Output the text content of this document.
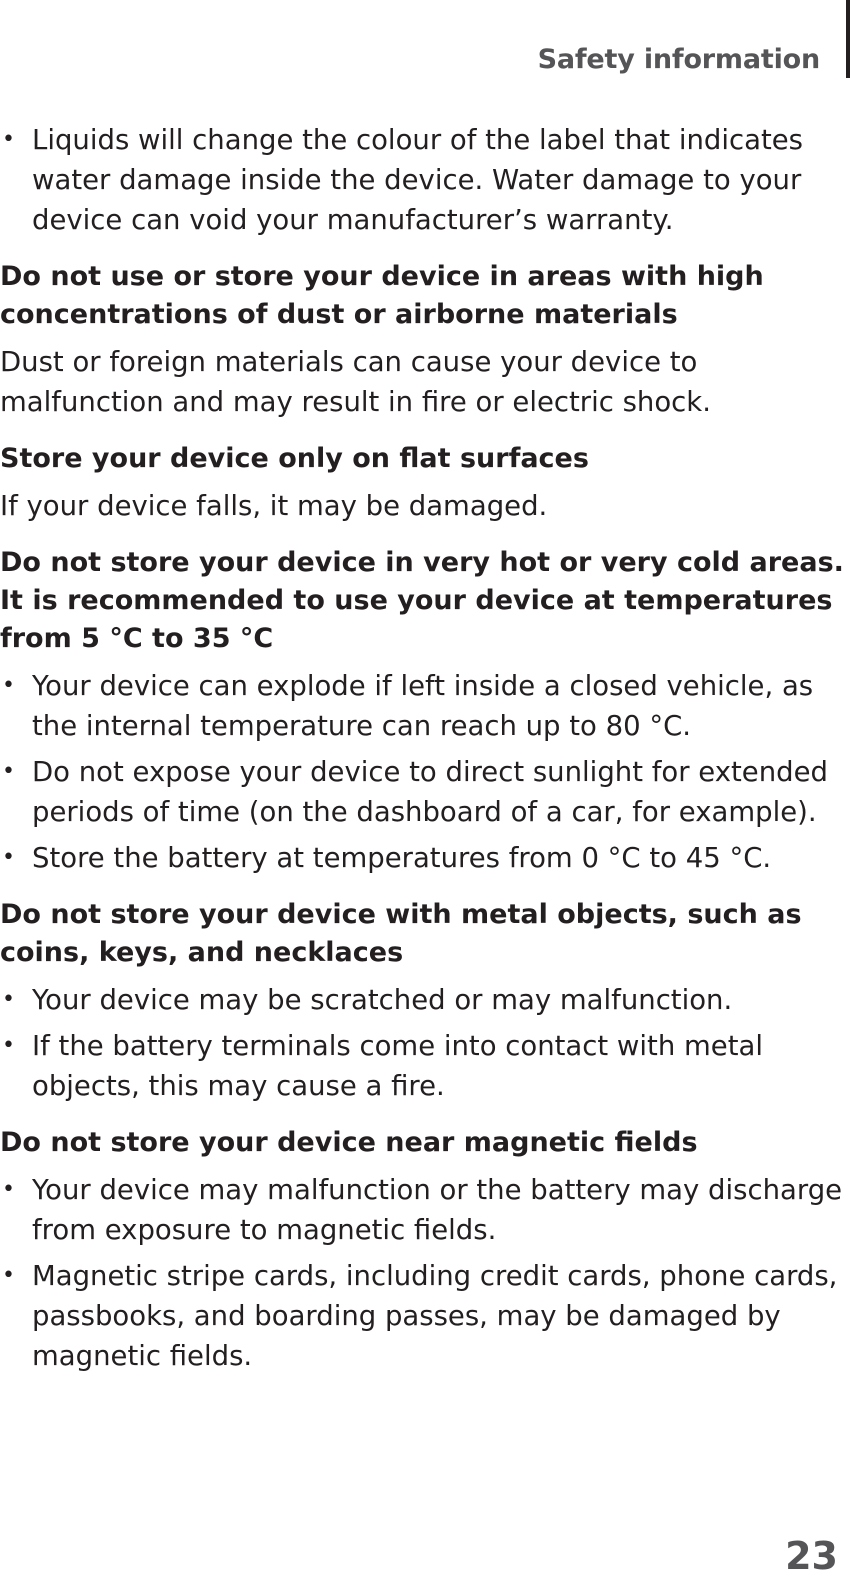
Safety information
• Liquids will change the colour of the label that indicates water damage inside the device. Water damage to your device can void your manufacturer’s warranty.
Do not use or store your device in areas with high concentrations of dust or airborne materials

Dust or foreign materials can cause your device to malfunction and may result in fire or electric shock.

Store your device only on flat surfaces

If your device falls, it may be damaged.

Do not store your device in very hot or very cold areas. It is recommended to use your device at temperatures from 5 °C to 35 °C
• Your device can explode if left inside a closed vehicle, as the internal temperature can reach up to 80 °C.
• Do not expose your device to direct sunlight for extended periods of time (on the dashboard of a car, for example).
• Store the battery at temperatures from 0 °C to 45 °C.
Do not store your device with metal objects, such as coins, keys, and necklaces
• Your device may be scratched or may malfunction.
• If the battery terminals come into contact with metal objects, this may cause a fire.
Do not store your device near magnetic fields
• Your device may malfunction or the battery may discharge from exposure to magnetic fields.
• Magnetic stripe cards, including credit cards, phone cards, passbooks, and boarding passes, may be damaged by magnetic fields.
23
